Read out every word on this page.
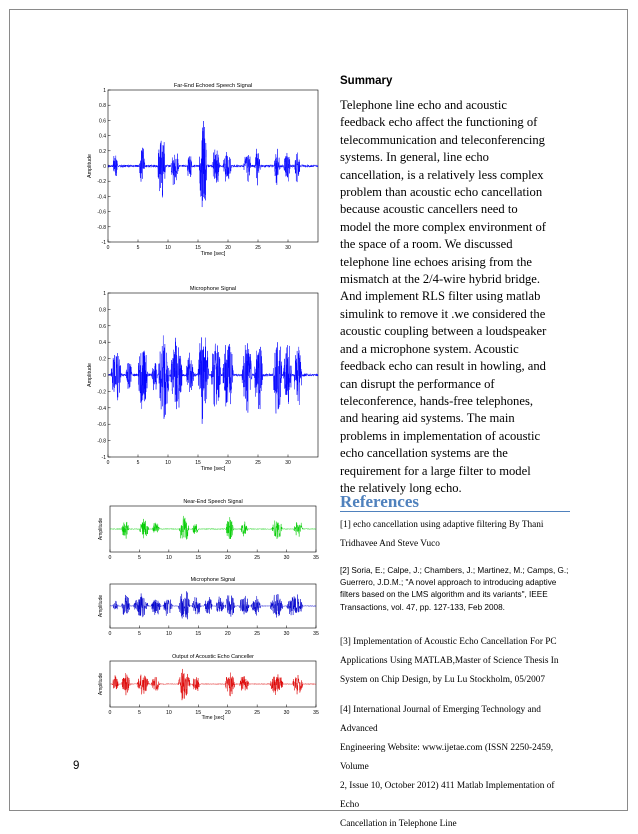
Far-End Echoed Speech Signal
0	5	10	15	20	25	30
1
0.8
0.6
0.4
0.2
0
-0.2
-0.4
-0.6
-0.8
-1
Time [sec]
Amplitude
Microphone Signal
0	5	10	15	20	25	30
1
0.8
0.6
0.4
0.2
0
-0.2
-0.4
-0.6
-0.8
-1
Time [sec]
Amplitude
Near-End Speech Signal
0	5	10	15	20	25	30	35
Amplitude
Microphone Signal
0	5	10	15	20	25	30	35
Amplitude
Output of Acoustic Echo Canceller
0	5	10	15	20	25	30	35
Time [sec]
Amplitude
Summary
Telephone line echo and acoustic
feedback echo affect the functioning of
telecommunication and teleconferencing
systems. In general, line echo
cancellation, is a relatively less complex
problem than acoustic echo cancellation
because acoustic cancellers need to
model the more complex environment of
the space of a room. We discussed
telephone line echoes arising from the
mismatch at the 2/4-wire hybrid bridge.
And implement RLS filter using matlab
simulink to remove it .we considered the
acoustic coupling between a loudspeaker
and a microphone system. Acoustic
feedback echo can result in howling, and
can disrupt the performance of
teleconference, hands-free telephones,
and hearing aid systems. The main
problems in implementation of acoustic
echo cancellation systems are the
requirement for a large filter to model
the relatively long echo.
References
[1] echo cancellation using adaptive filtering By Thani
Tridhavee And Steve Vuco
[2] Soria, E.; Calpe, J.; Chambers, J.; Martinez, M.; Camps, G.;
Guerrero, J.D.M.; "A novel approach to introducing adaptive
filters based on the LMS algorithm and its variants", IEEE
Transactions, vol. 47, pp. 127-133, Feb 2008.
[3] Implementation of Acoustic Echo Cancellation For PC
Applications Using MATLAB,Master of Science Thesis In
System on Chip Design, by Lu Lu Stockholm, 05/2007
[4] International Journal of Emerging Technology and Advanced
Engineering Website: www.ijetae.com (ISSN 2250-2459, Volume
2, Issue 10, October 2012) 411 Matlab Implementation of Echo
Cancellation in Telephone Line
9
